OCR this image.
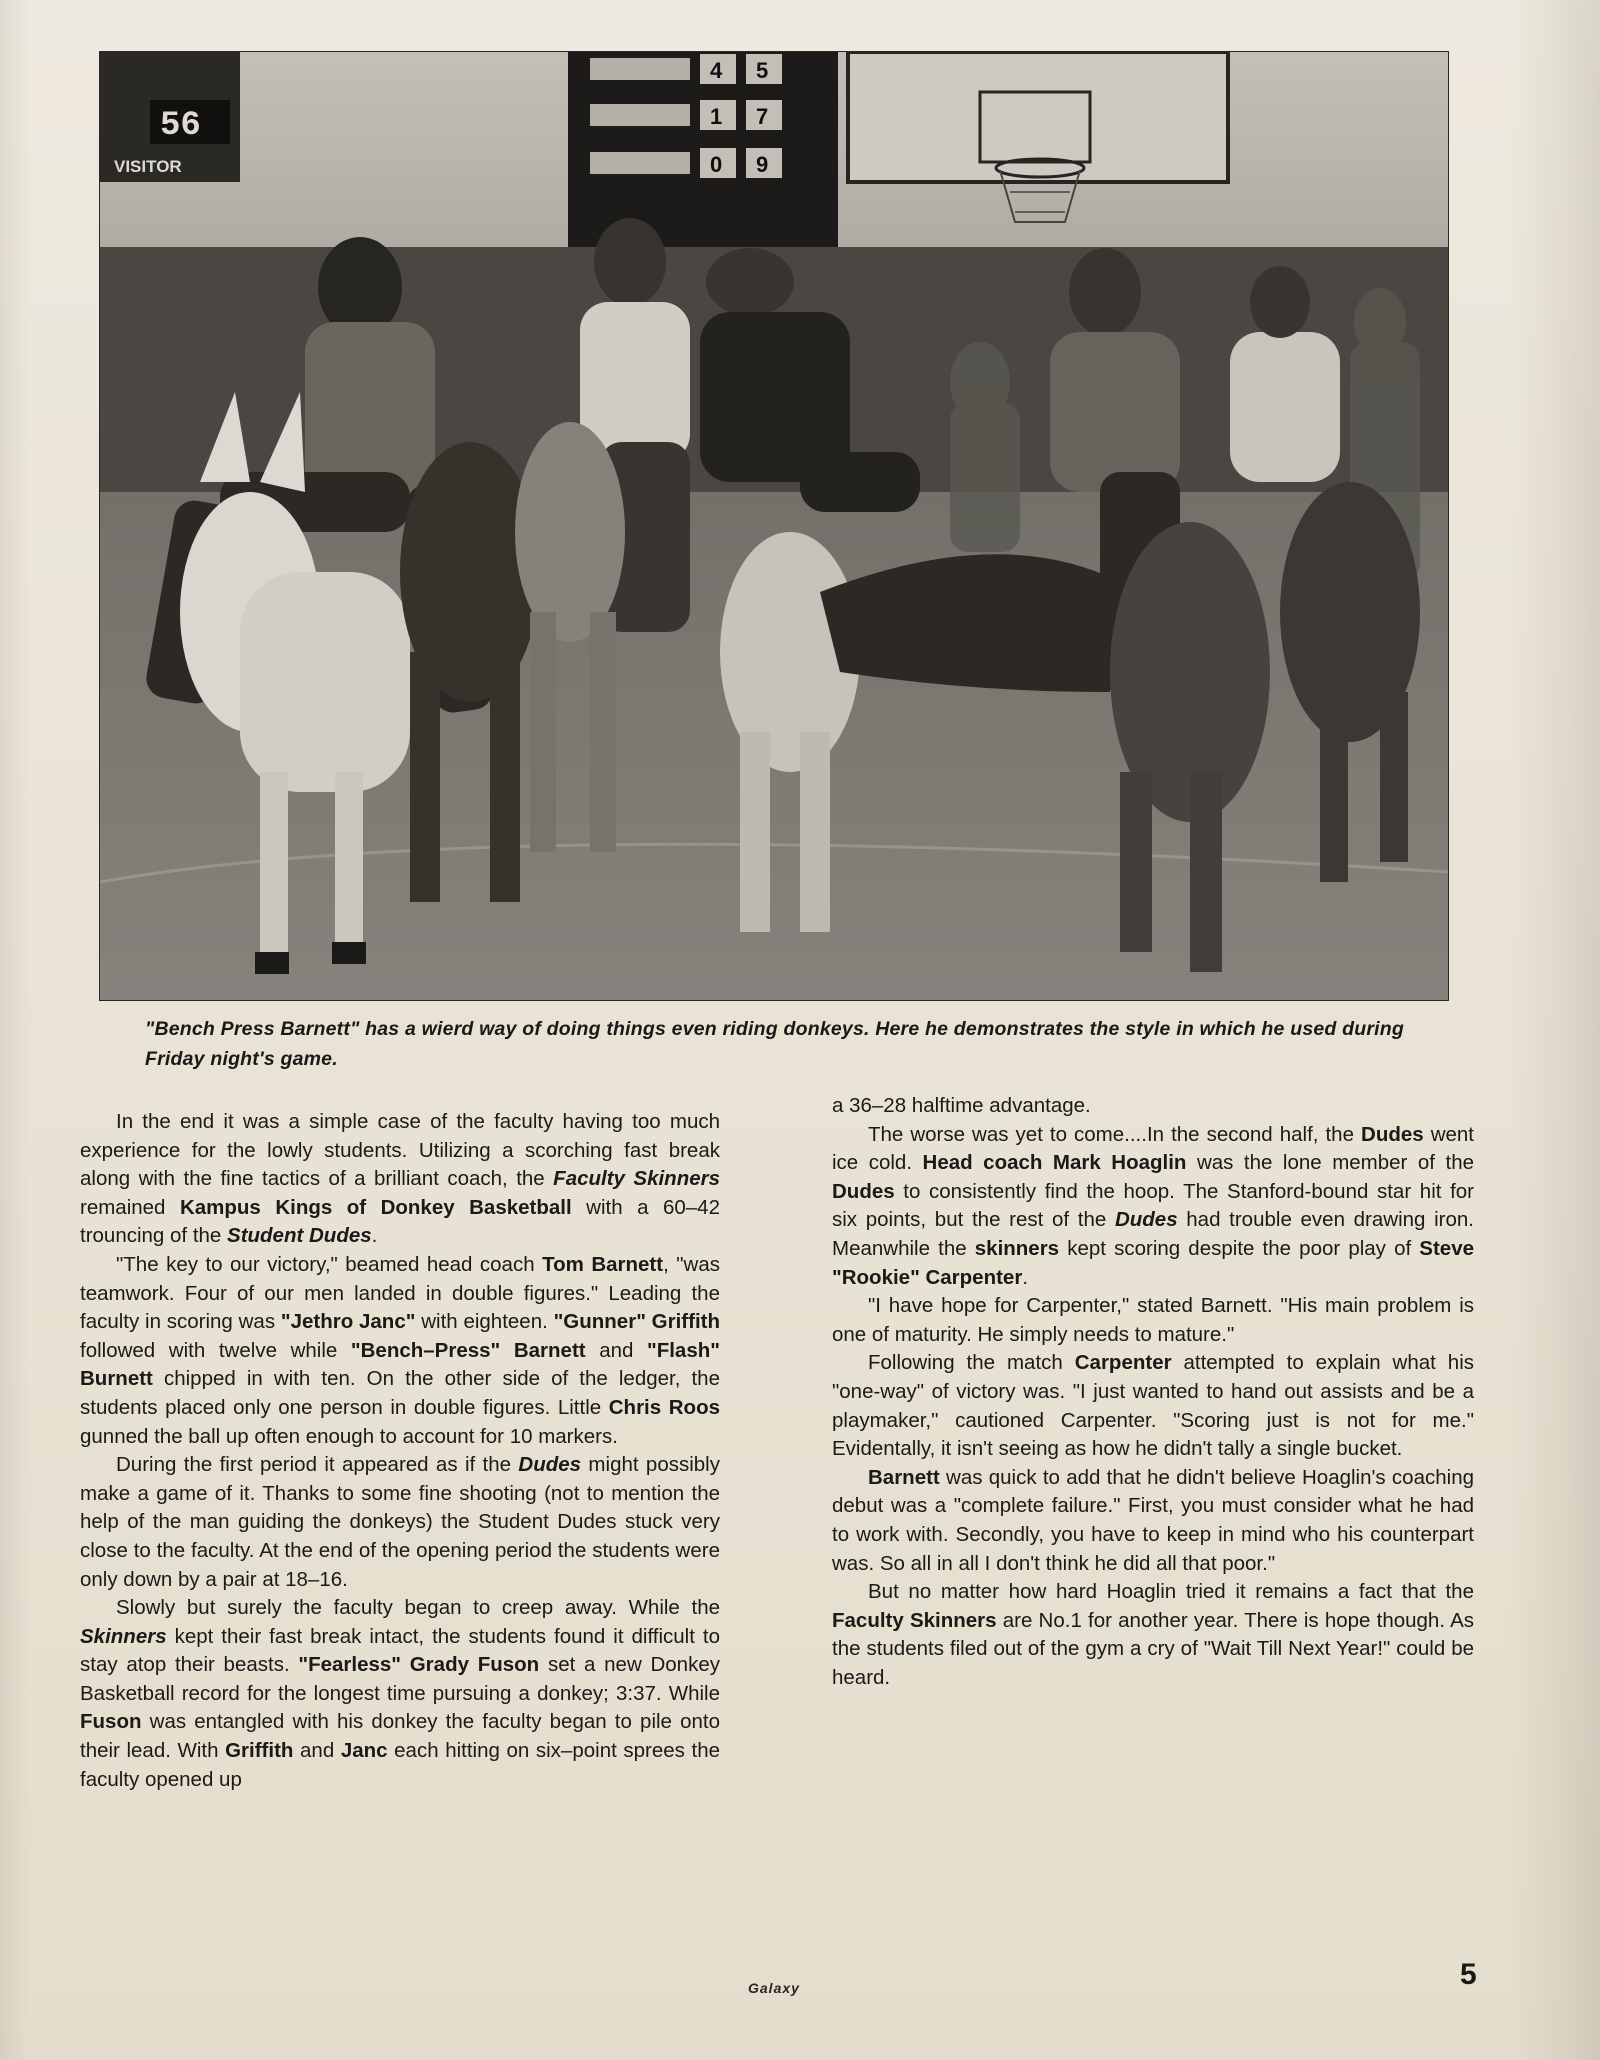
56
VISITOR
4 5
1 7
0 9
"Bench Press Barnett" has a wierd way of doing things even riding donkeys. Here he demonstrates the style in which he used during Friday night's game.

In the end it was a simple case of the faculty having too much experience for the lowly students. Utilizing a scorching fast break along with the fine tactics of a brilliant coach, the Faculty Skinners remained Kampus Kings of Donkey Basketball with a 60–42 trouncing of the Student Dudes.

"The key to our victory," beamed head coach Tom Barnett, "was teamwork. Four of our men landed in double figures." Leading the faculty in scoring was "Jethro Janc" with eighteen. "Gunner" Griffith followed with twelve while "Bench–Press" Barnett and "Flash" Burnett chipped in with ten. On the other side of the ledger, the students placed only one person in double figures. Little Chris Roos gunned the ball up often enough to account for 10 markers.

During the first period it appeared as if the Dudes might possibly make a game of it. Thanks to some fine shooting (not to mention the help of the man guiding the donkeys) the Student Dudes stuck very close to the faculty. At the end of the opening period the students were only down by a pair at 18–16.

Slowly but surely the faculty began to creep away. While the Skinners kept their fast break intact, the students found it difficult to stay atop their beasts. "Fearless" Grady Fuson set a new Donkey Basketball record for the longest time pursuing a donkey; 3:37. While Fuson was entangled with his donkey the faculty began to pile onto their lead. With Griffith and Janc each hitting on six–point sprees the faculty opened up

a 36–28 halftime advantage.

The worse was yet to come....In the second half, the Dudes went ice cold. Head coach Mark Hoaglin was the lone member of the Dudes to consistently find the hoop. The Stanford-bound star hit for six points, but the rest of the Dudes had trouble even drawing iron. Meanwhile the skinners kept scoring despite the poor play of Steve "Rookie" Carpenter.

"I have hope for Carpenter," stated Barnett. "His main problem is one of maturity. He simply needs to mature."

Following the match Carpenter attempted to explain what his "one-way" of victory was. "I just wanted to hand out assists and be a playmaker," cautioned Carpenter. "Scoring just is not for me." Evidentally, it isn't seeing as how he didn't tally a single bucket.

Barnett was quick to add that he didn't believe Hoaglin's coaching debut was a "complete failure." First, you must consider what he had to work with. Secondly, you have to keep in mind who his counterpart was. So all in all I don't think he did all that poor."

But no matter how hard Hoaglin tried it remains a fact that the Faculty Skinners are No.1 for another year. There is hope though. As the students filed out of the gym a cry of "Wait Till Next Year!" could be heard.

Galaxy	5
